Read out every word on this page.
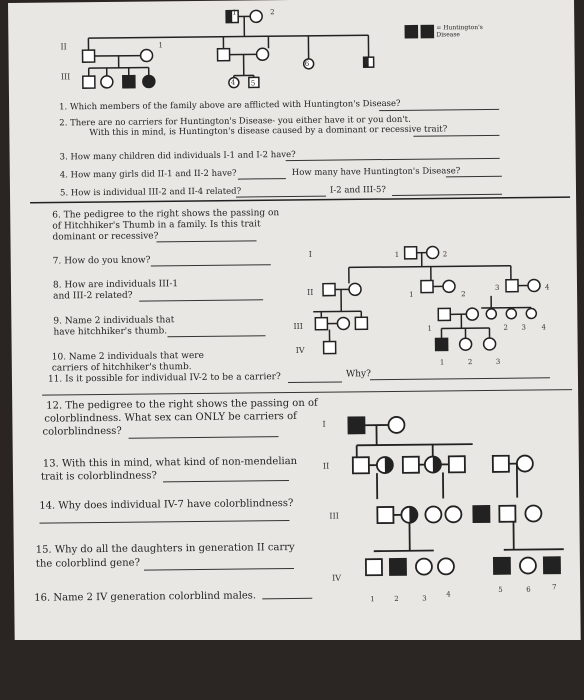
= Huntington's
Disease
II
III
1
2
1
6	8
4 5
1. Which members of the family above are afflicted with Huntington's Disease?
2. There are no carriers for Huntington's Disease- you either have it or you don't.
With this in mind, is Huntington's disease caused by a dominant or recessive trait?
3. How many children did individuals I-1 and I-2 have?
4. How many girls did II-1 and II-2 have?	How many have Huntington's Disease?
5. How is individual III-2 and II-4 related?	I-2 and III-5?
6. The pedigree to the right shows the passing on
of Hitchhiker's Thumb in a family. Is this trait
dominant or recessive?
7. How do you know?
8. How are individuals III-1
and III-2 related?
9. Name 2 individuals that
have hitchhiker's thumb.
10. Name 2 individuals that were
carriers of hitchhiker's thumb.
11. Is it possible for individual IV-2 to be a carrier?	Why?
I
II
III
IV
1	2
1	2
3	4
1	2 3 4
1	2	3
12. The pedigree to the right shows the passing on of
colorblindness. What sex can ONLY be carriers of
colorblindness?
13. With this in mind, what kind of non-mendelian
trait is colorblindness?
14. Why does individual IV-7 have colorblindness?
15. Why do all the daughters in generation II carry
the colorblind gene?
16. Name 2 IV generation colorblind males.
I
II
III
IV
1	2	3
4
5	6	7
